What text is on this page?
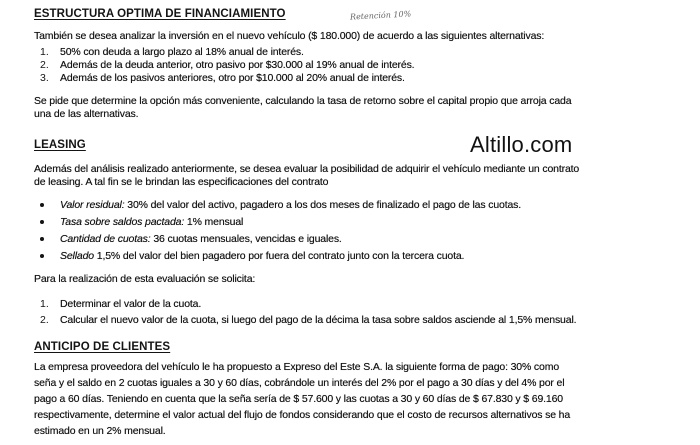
Retención 10%
ESTRUCTURA OPTIMA DE FINANCIAMIENTO
También se desea analizar la inversión en el nuevo vehículo ($ 180.000) de acuerdo a las siguientes alternativas:
1. 50% con deuda a largo plazo al 18% anual de interés.
2. Además de la deuda anterior, otro pasivo por $30.000 al 19% anual de interés.
3. Además de los pasivos anteriores, otro por $10.000 al 20% anual de interés.
Se pide que determine la opción más conveniente, calculando la tasa de retorno sobre el capital propio que arroja cada
una de las alternativas.
LEASING	Altillo.com
Además del análisis realizado anteriormente, se desea evaluar la posibilidad de adquirir el vehículo mediante un contrato
de leasing. A tal fin se le brindan las especificaciones del contrato
Valor residual: 30% del valor del activo, pagadero a los dos meses de finalizado el pago de las cuotas.
Tasa sobre saldos pactada: 1% mensual
Cantidad de cuotas: 36 cuotas mensuales, vencidas e iguales.
Sellado 1,5% del valor del bien pagadero por fuera del contrato junto con la tercera cuota.
Para la realización de esta evaluación se solicita:
1. Determinar el valor de la cuota.
2. Calcular el nuevo valor de la cuota, si luego del pago de la décima la tasa sobre saldos asciende al 1,5% mensual.
ANTICIPO DE CLIENTES
La empresa proveedora del vehículo le ha propuesto a Expreso del Este S.A. la siguiente forma de pago: 30% como
seña y el saldo en 2 cuotas iguales a 30 y 60 días, cobrándole un interés del 2% por el pago a 30 días y del 4% por el
pago a 60 días. Teniendo en cuenta que la seña sería de $ 57.600 y las cuotas a 30 y 60 días de $ 67.830 y $ 69.160
respectivamente, determine el valor actual del flujo de fondos considerando que el costo de recursos alternativos se ha
estimado en un 2% mensual.
